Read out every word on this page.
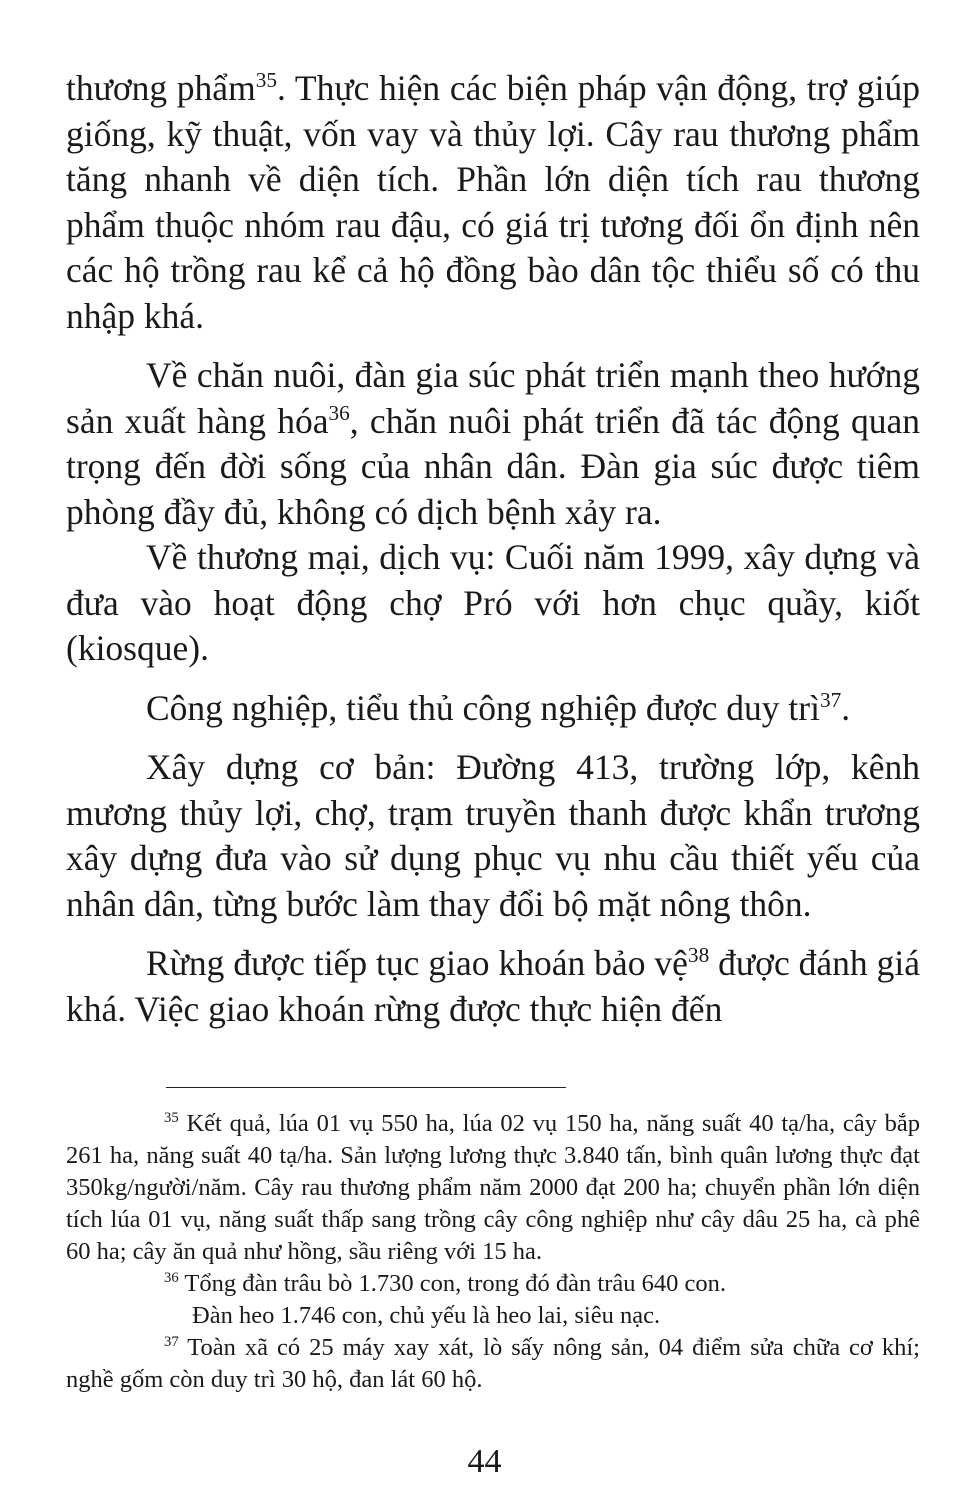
thương phẩm$^{35}$. Thực hiện các biện pháp vận động, trợ giúp giống, kỹ thuật, vốn vay và thủy lợi. Cây rau thương phẩm tăng nhanh về diện tích. Phần lớn diện tích rau thương phẩm thuộc nhóm rau đậu, có giá trị tương đối ổn định nên các hộ trồng rau kể cả hộ đồng bào dân tộc thiểu số có thu nhập khá.

Về chăn nuôi, đàn gia súc phát triển mạnh theo hướng sản xuất hàng hóa$^{36}$, chăn nuôi phát triển đã tác động quan trọng đến đời sống của nhân dân. Đàn gia súc được tiêm phòng đầy đủ, không có dịch bệnh xảy ra.

Về thương mại, dịch vụ: Cuối năm 1999, xây dựng và đưa vào hoạt động chợ Pró với hơn chục quầy, kiốt (kiosque).

Công nghiệp, tiểu thủ công nghiệp được duy trì$^{37}$.

Xây dựng cơ bản: Đường 413, trường lớp, kênh mương thủy lợi, chợ, trạm truyền thanh được khẩn trương xây dựng đưa vào sử dụng phục vụ nhu cầu thiết yếu của nhân dân, từng bước làm thay đổi bộ mặt nông thôn.

Rừng được tiếp tục giao khoán bảo vệ$^{38}$ được đánh giá khá. Việc giao khoán rừng được thực hiện đến

$^{35}$ Kết quả, lúa 01 vụ 550 ha, lúa 02 vụ 150 ha, năng suất 40 tạ/ha, cây bắp 261 ha, năng suất 40 tạ/ha. Sản lượng lương thực 3.840 tấn, bình quân lương thực đạt 350kg/người/năm. Cây rau thương phẩm năm 2000 đạt 200 ha; chuyển phần lớn diện tích lúa 01 vụ, năng suất thấp sang trồng cây công nghiệp như cây dâu 25 ha, cà phê 60 ha; cây ăn quả như hồng, sầu riêng với 15 ha.

$^{36}$ Tổng đàn trâu bò 1.730 con, trong đó đàn trâu 640 con.

Đàn heo 1.746 con, chủ yếu là heo lai, siêu nạc.

$^{37}$ Toàn xã có 25 máy xay xát, lò sấy nông sản, 04 điểm sửa chữa cơ khí; nghề gốm còn duy trì 30 hộ, đan lát 60 hộ.

44
